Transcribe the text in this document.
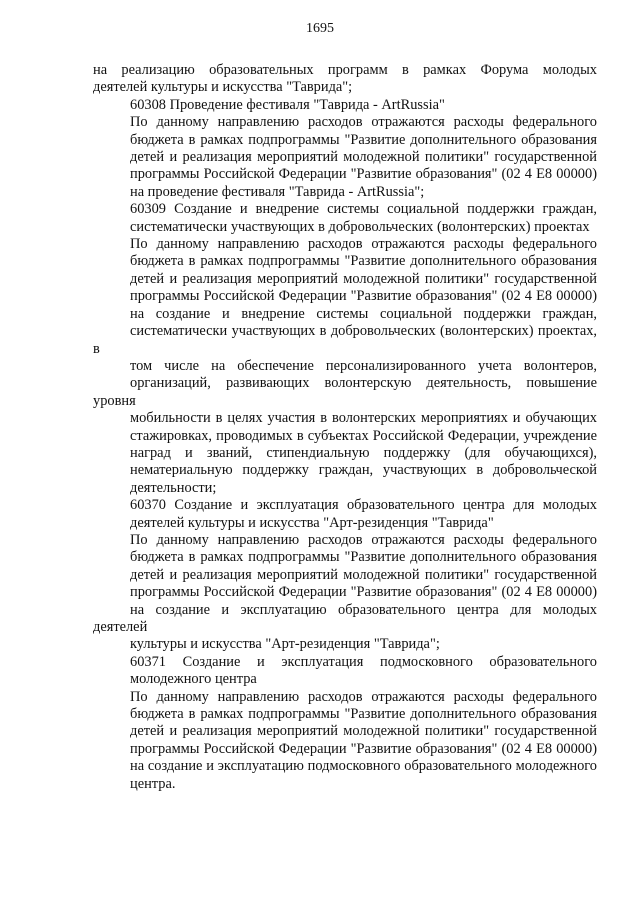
1695
на реализацию образовательных программ в рамках Форума молодых
деятелей культуры и искусства "Таврида";
60308 Проведение фестиваля "Таврида - ArtRussia"
По данному направлению расходов отражаются расходы федерального
бюджета в рамках подпрограммы "Развитие дополнительного образования
детей и реализация мероприятий молодежной политики" государственной
программы Российской Федерации "Развитие образования" (02 4 Е8 00000)
на проведение фестиваля "Таврида - ArtRussia";
60309 Создание и внедрение системы социальной поддержки граждан,
систематически участвующих в добровольческих (волонтерских) проектах
По данному направлению расходов отражаются расходы федерального
бюджета в рамках подпрограммы "Развитие дополнительного образования
детей и реализация мероприятий молодежной политики" государственной
программы Российской Федерации "Развитие образования" (02 4 Е8 00000)
на создание и внедрение системы социальной поддержки граждан,
систематически участвующих в добровольческих (волонтерских) проектах, в
том числе на обеспечение персонализированного учета волонтеров,
организаций, развивающих волонтерскую деятельность, повышение уровня
мобильности в целях участия в волонтерских мероприятиях и обучающих
стажировках, проводимых в субъектах Российской Федерации, учреждение
наград и званий, стипендиальную поддержку (для обучающихся),
нематериальную поддержку граждан, участвующих в добровольческой
деятельности;
60370 Создание и эксплуатация образовательного центра для молодых
деятелей культуры и искусства "Арт-резиденция "Таврида"
По данному направлению расходов отражаются расходы федерального
бюджета в рамках подпрограммы "Развитие дополнительного образования
детей и реализация мероприятий молодежной политики" государственной
программы Российской Федерации "Развитие образования" (02 4 Е8 00000)
на создание и эксплуатацию образовательного центра для молодых деятелей
культуры и искусства "Арт-резиденция "Таврида";
60371 Создание и эксплуатация подмосковного образовательного
молодежного центра
По данному направлению расходов отражаются расходы федерального
бюджета в рамках подпрограммы "Развитие дополнительного образования
детей и реализация мероприятий молодежной политики" государственной
программы Российской Федерации "Развитие образования" (02 4 Е8 00000)
на создание и эксплуатацию подмосковного образовательного молодежного
центра.
